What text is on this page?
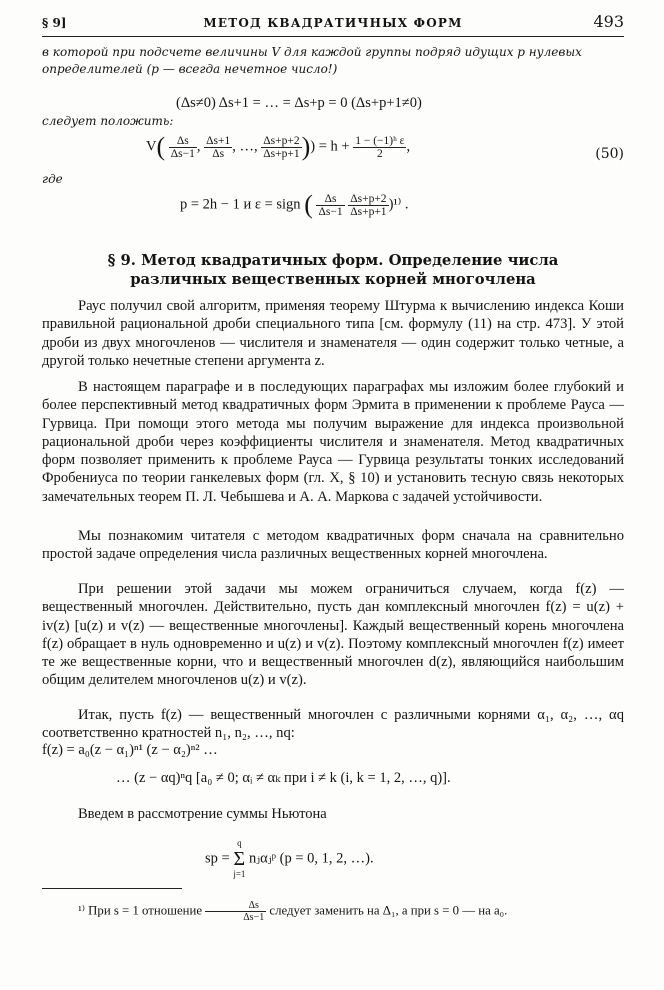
§ 9]	МЕТОД КВАДРАТИЧНЫХ ФОРМ	493
в которой при подсчете величины V для каждой группы подряд идущих p нулевых определителей (p — всегда нечетное число!)
(Δs≠0) Δs+1 = … = Δs+p = 0 (Δs+p+1≠0)
следует положить:
$V( \frac{\Delta s}{\Delta s-1}$ , $\frac{\Delta s+1}{\Delta s}$ , …, $\frac{\Delta s+p+2}{\Delta s+p+1}$ )) = $h + \frac{\text{1 − (−1)ʰ ε}}{2}$ ,	(50)
где
p = 2h − 1 и ε = sign ( $\frac{\Delta s}{\Delta s-1}$
$\frac{\Delta s+p+2}{\Delta s+p+1} )^{1)}$ .
§ 9. Метод квадратичных форм. Определение числа
различных вещественных корней многочлена

Раус получил свой алгоритм, применяя теорему Штурма к вычислению индекса Коши правильной рациональной дроби специального типа [см. формулу (11) на стр. 473]. У этой дроби из двух многочленов — числителя и знаменателя — один содержит только четные, а другой только нечетные степени аргумента z.

В настоящем параграфе и в последующих параграфах мы изложим более глубокий и более перспективный метод квадратичных форм Эрмита в применении к проблеме Рауса — Гурвица. При помощи этого метода мы получим выражение для индекса произвольной рациональной дроби через коэффициенты числителя и знаменателя. Метод квадратичных форм позволяет применить к проблеме Рауса — Гурвица результаты тонких исследований Фробениуса по теории ганкелевых форм (гл. X, § 10) и установить тесную связь некоторых замечательных теорем П. Л. Чебышева и А. А. Маркова с задачей устойчивости.

Мы познакомим читателя с методом квадратичных форм сначала на сравнительно простой задаче определения числа различных вещественных корней многочлена.

При решении этой задачи мы можем ограничиться случаем, когда f(z) — вещественный многочлен. Действительно, пусть дан комплексный многочлен f(z) = u(z) + iv(z) [u(z) и v(z) — вещественные многочлены]. Каждый вещественный корень многочлена f(z) обращает в нуль одновременно и u(z) и v(z). Поэтому комплексный многочлен f(z) имеет те же вещественные корни, что и вещественный многочлен d(z), являющийся наибольшим общим делителем многочленов u(z) и v(z).

Итак, пусть f(z) — вещественный многочлен с различными корнями α₁, α₂, …, αq соответственно кратностей n₁, n₂, …, nq:

f(z) = a₀(z − α₁)ⁿ¹ (z − α₂)ⁿ² …
… (z − αq)ⁿq [a₀ ≠ 0; αᵢ ≠ αₖ при i ≠ k (i, k = 1, 2, …, q)].
Введем в рассмотрение суммы Ньютона
sp =
q
Σ
j=1
nⱼαⱼᵖ (p = 0, 1, 2, …).
¹⁾ При s = 1 отношение $\frac{\Delta s}{\Delta s-1}$ следует заменить на Δ₁, а при s = 0 — на a₀.
